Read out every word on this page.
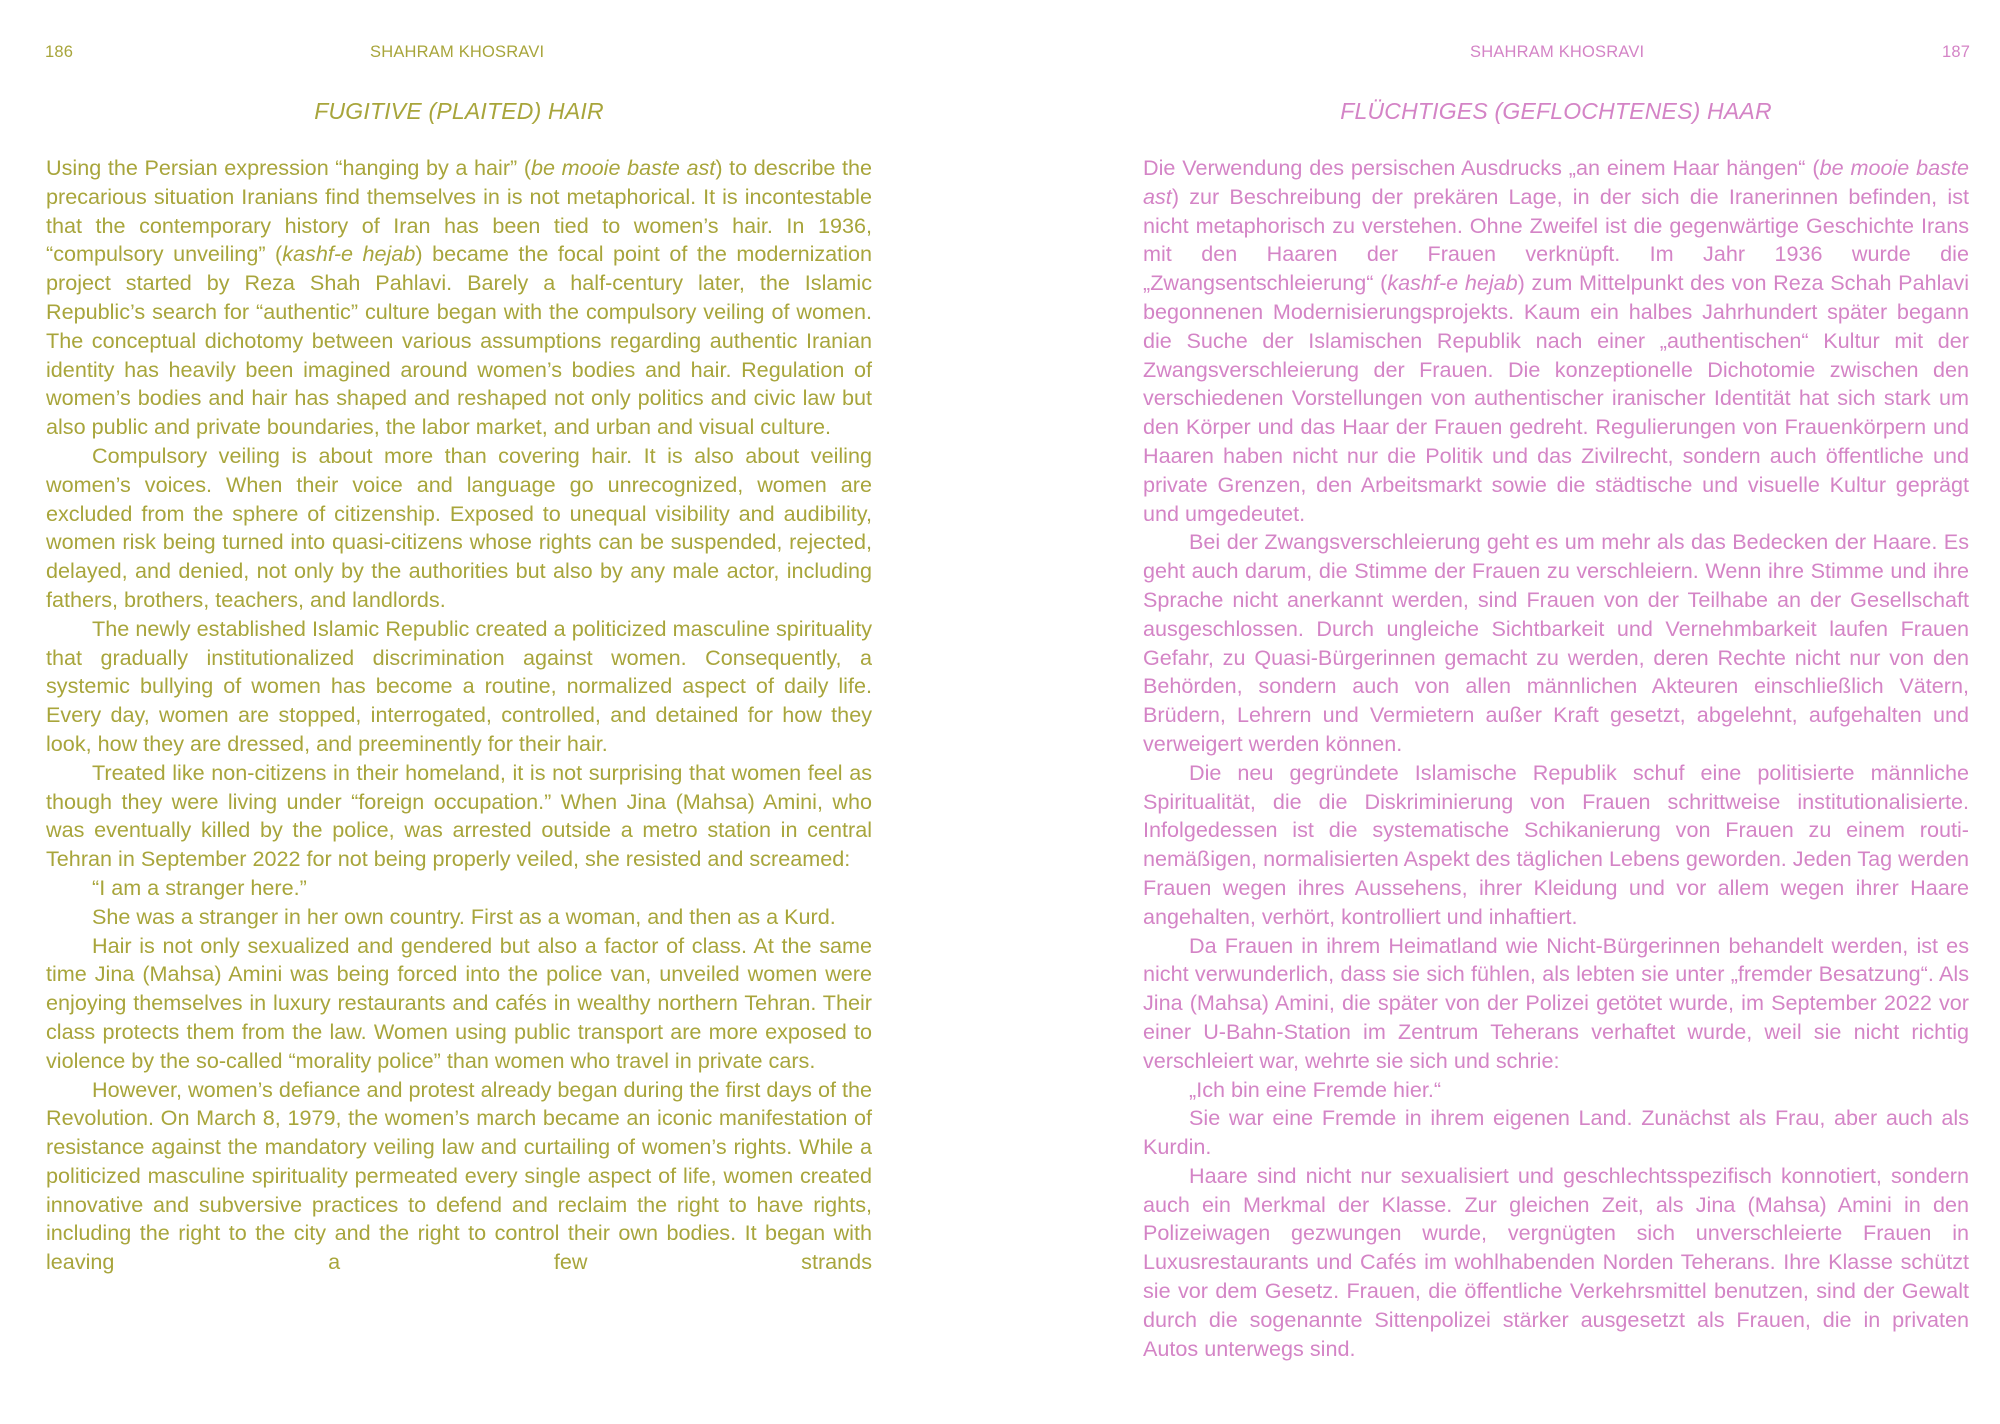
186	SHAHRAM KHOSRAVI
FUGITIVE (PLAITED) HAIR

Using the Persian expression “hanging by a hair” (be mooie baste ast) to describe the precarious situation Iranians find themselves in is not metaphorical. It is incontestable that the contemporary history of Iran has been tied to women’s hair. In 1936, “compulsory unveiling” (kashf-e hejab) became the focal point of the modernization project started by Reza Shah Pahlavi. Barely a half-century later, the Islamic Republic’s search for “authentic” culture began with the compulsory veiling of women. The conceptual dichotomy between various assumptions regarding authentic Iranian identity has heavily been imagined around women’s bodies and hair. Regulation of women’s bodies and hair has shaped and reshaped not only politics and civic law but also public and private boundaries, the labor market, and urban and visual culture.

Compulsory veiling is about more than covering hair. It is also about veiling women’s voices. When their voice and language go unrecognized, women are excluded from the sphere of citizenship. Exposed to unequal visibility and audibility, women risk being turned into quasi-citizens whose rights can be suspended, rejected, delayed, and denied, not only by the authorities but also by any male actor, including fathers, brothers, teachers, and landlords.

The newly established Islamic Republic created a politicized masculine spirituality that gradually institutionalized discrimination against women. Consequently, a systemic bullying of women has become a routine, normalized aspect of daily life. Every day, women are stopped, interrogated, controlled, and detained for how they look, how they are dressed, and preeminently for their hair.

Treated like non-citizens in their homeland, it is not surprising that women feel as though they were living under “foreign occupation.” When Jina (Mahsa) Amini, who was eventually killed by the police, was arrested outside a metro station in central Tehran in September 2022 for not being properly veiled, she resisted and screamed:

“I am a stranger here.”

She was a stranger in her own country. First as a woman, and then as a Kurd.

Hair is not only sexualized and gendered but also a factor of class. At the same time Jina (Mahsa) Amini was being forced into the police van, unveiled women were enjoying themselves in luxury restaurants and cafés in wealthy northern Tehran. Their class protects them from the law. Women using public transport are more exposed to violence by the so-called “morality police” than women who travel in private cars.

However, women’s defiance and protest already began during the first days of the Revolution. On March 8, 1979, the women’s march became an iconic manifestation of resistance against the mandatory veiling law and curtailing of women’s rights. While a politicized masculine spirituality permeated every single aspect of life, women created innovative and subversive practices to defend and reclaim the right to have rights, including the right to the city and the right to control their own bodies. It began with leaving a few strands

SHAHRAM KHOSRAVI	187
FLÜCHTIGES (GEFLOCHTENES) HAAR

Die Verwendung des persischen Ausdrucks „an einem Haar hängen“ (be mooie baste ast) zur Beschreibung der prekären Lage, in der sich die Iranerinnen befinden, ist nicht metaphorisch zu verstehen. Ohne Zweifel ist die gegenwärtige Geschichte Irans mit den Haaren der Frauen verknüpft. Im Jahr 1936 wurde die „Zwangsentschleierung“ (kashf-e hejab) zum Mittelpunkt des von Reza Schah Pahlavi begonnenen Modernisierungsprojekts. Kaum ein halbes Jahrhundert später begann die Suche der Islamischen Republik nach einer „authentischen“ Kultur mit der Zwangsverschleierung der Frauen. Die konzeptionelle Dichotomie zwischen den verschiedenen Vorstellungen von authentischer iranischer Identität hat sich stark um den Körper und das Haar der Frauen gedreht. Regulierungen von Frauenkörpern und Haaren haben nicht nur die Politik und das Zivilrecht, sondern auch öffentliche und private Grenzen, den Arbeitsmarkt sowie die städtische und visuelle Kultur geprägt und umgedeutet.

Bei der Zwangsverschleierung geht es um mehr als das Bedecken der Haare. Es geht auch darum, die Stimme der Frauen zu verschleiern. Wenn ihre Stimme und ihre Sprache nicht anerkannt werden, sind Frauen von der Teilhabe an der Gesellschaft ausgeschlossen. Durch ungleiche Sichtbarkeit und Vernehmbarkeit laufen Frauen Gefahr, zu Quasi-Bürgerinnen gemacht zu werden, deren Rechte nicht nur von den Behörden, sondern auch von allen männlichen Akteuren einschließlich Vätern, Brüdern, Lehrern und Vermietern außer Kraft gesetzt, abgelehnt, aufgehalten und verweigert werden können.

Die neu gegründete Islamische Republik schuf eine politisierte männliche Spiritualität, die die Diskriminierung von Frauen schrittweise institutionalisierte. Infolgedessen ist die systematische Schikanierung von Frauen zu einem routinemäßigen, normalisierten Aspekt des täglichen Lebens geworden. Jeden Tag werden Frauen wegen ihres Aussehens, ihrer Kleidung und vor allem wegen ihrer Haare angehalten, verhört, kontrolliert und inhaftiert.

Da Frauen in ihrem Heimatland wie Nicht-Bürgerinnen behandelt werden, ist es nicht verwunderlich, dass sie sich fühlen, als lebten sie unter „fremder Besatzung“. Als Jina (Mahsa) Amini, die später von der Polizei getötet wurde, im September 2022 vor einer U-Bahn-Station im Zentrum Teherans verhaftet wurde, weil sie nicht richtig verschleiert war, wehrte sie sich und schrie:

„Ich bin eine Fremde hier.“

Sie war eine Fremde in ihrem eigenen Land. Zunächst als Frau, aber auch als Kurdin.

Haare sind nicht nur sexualisiert und geschlechtsspezifisch konnotiert, sondern auch ein Merkmal der Klasse. Zur gleichen Zeit, als Jina (Mahsa) Amini in den Polizeiwagen gezwungen wurde, vergnügten sich unverschleierte Frauen in Luxusrestaurants und Cafés im wohlhabenden Norden Teherans. Ihre Klasse schützt sie vor dem Gesetz. Frauen, die öffentliche Verkehrsmittel benutzen, sind der Gewalt durch die sogenannte Sittenpolizei stärker ausgesetzt als Frauen, die in privaten Autos unterwegs sind.
